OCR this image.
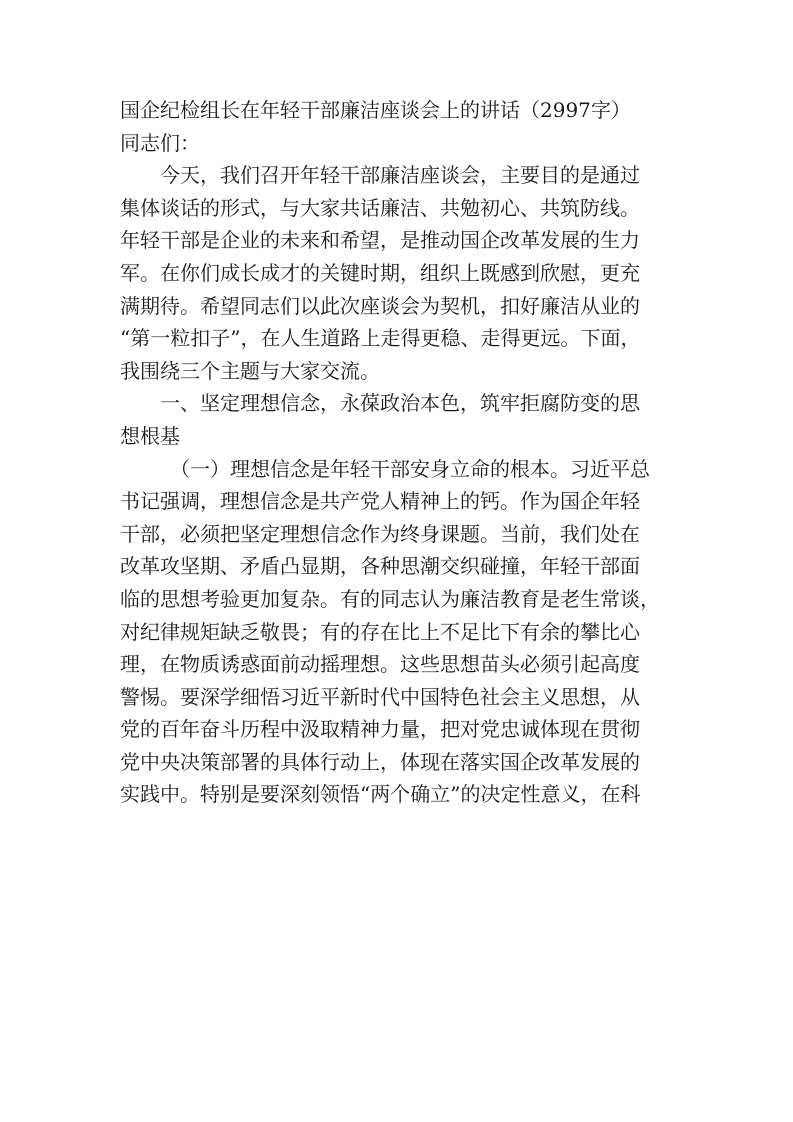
国企纪检组长在年轻干部廉洁座谈会上的讲话（2997字）

同志们：

今天，我们召开年轻干部廉洁座谈会，主要目的是通过

集体谈话的形式，与大家共话廉洁、共勉初心、共筑防线。

年轻干部是企业的未来和希望，是推动国企改革发展的生力

军。在你们成长成才的关键时期，组织上既感到欣慰，更充

满期待。希望同志们以此次座谈会为契机，扣好廉洁从业的

“第一粒扣子”，在人生道路上走得更稳、走得更远。下面，

我围绕三个主题与大家交流。

一、坚定理想信念，永葆政治本色，筑牢拒腐防变的思

想根基

（一）理想信念是年轻干部安身立命的根本。习近平总

书记强调，理想信念是共产党人精神上的钙。作为国企年轻

干部，必须把坚定理想信念作为终身课题。当前，我们处在

改革攻坚期、矛盾凸显期，各种思潮交织碰撞，年轻干部面

临的思想考验更加复杂。有的同志认为廉洁教育是老生常谈，

对纪律规矩缺乏敬畏；有的存在比上不足比下有余的攀比心

理，在物质诱惑面前动摇理想。这些思想苗头必须引起高度

警惕。要深学细悟习近平新时代中国特色社会主义思想，从

党的百年奋斗历程中汲取精神力量，把对党忠诚体现在贯彻

党中央决策部署的具体行动上，体现在落实国企改革发展的

实践中。特别是要深刻领悟“两个确立”的决定性意义，在科
